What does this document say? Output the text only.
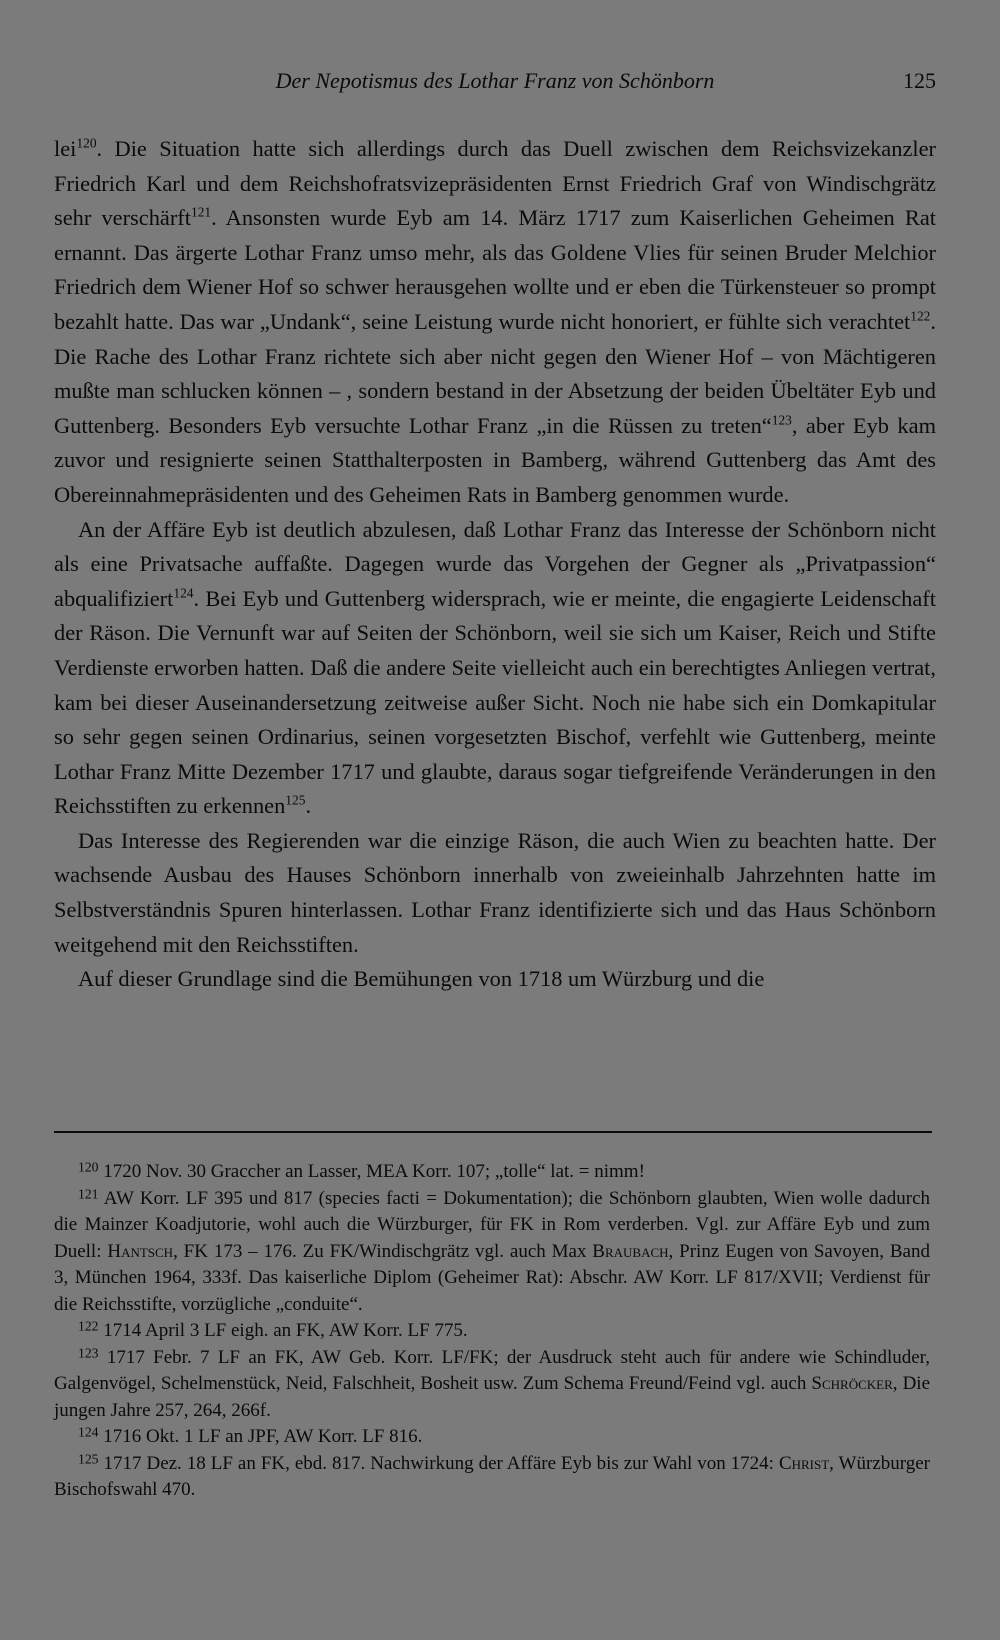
Der Nepotismus des Lothar Franz von Schönborn	125

lei$^{120}$. Die Situation hatte sich allerdings durch das Duell zwischen dem Reichsvizekanzler Friedrich Karl und dem Reichshofratsvizepräsidenten Ernst Friedrich Graf von Windischgrätz sehr verschärft$^{121}$. Ansonsten wurde Eyb am 14. März 1717 zum Kaiserlichen Geheimen Rat ernannt. Das ärgerte Lothar Franz umso mehr, als das Goldene Vlies für seinen Bruder Melchior Friedrich dem Wiener Hof so schwer herausgehen wollte und er eben die Türkensteuer so prompt bezahlt hatte. Das war „Undank“, seine Leistung wurde nicht honoriert, er fühlte sich verachtet$^{122}$. Die Rache des Lothar Franz richtete sich aber nicht gegen den Wiener Hof – von Mächtigeren mußte man schlucken können – , sondern bestand in der Absetzung der beiden Übeltäter Eyb und Guttenberg. Besonders Eyb versuchte Lothar Franz „in die Rüssen zu treten“$^{123}$, aber Eyb kam zuvor und resignierte seinen Statthalterposten in Bamberg, während Guttenberg das Amt des Obereinnahmepräsidenten und des Geheimen Rats in Bamberg genommen wurde.

An der Affäre Eyb ist deutlich abzulesen, daß Lothar Franz das Interesse der Schönborn nicht als eine Privatsache auffaßte. Dagegen wurde das Vorgehen der Gegner als „Privatpassion“ abqualifiziert$^{124}$. Bei Eyb und Guttenberg widersprach, wie er meinte, die engagierte Leidenschaft der Räson. Die Vernunft war auf Seiten der Schönborn, weil sie sich um Kaiser, Reich und Stifte Verdienste erworben hatten. Daß die andere Seite vielleicht auch ein berechtigtes Anliegen vertrat, kam bei dieser Auseinandersetzung zeitweise außer Sicht. Noch nie habe sich ein Domkapitular so sehr gegen seinen Ordinarius, seinen vorgesetzten Bischof, verfehlt wie Guttenberg, meinte Lothar Franz Mitte Dezember 1717 und glaubte, daraus sogar tiefgreifende Veränderungen in den Reichsstiften zu erkennen$^{125}$.

Das Interesse des Regierenden war die einzige Räson, die auch Wien zu beachten hatte. Der wachsende Ausbau des Hauses Schönborn innerhalb von zweieinhalb Jahrzehnten hatte im Selbstverständnis Spuren hinterlassen. Lothar Franz identifizierte sich und das Haus Schönborn weitgehend mit den Reichsstiften.

Auf dieser Grundlage sind die Bemühungen von 1718 um Würzburg und die

$^{120}$ 1720 Nov. 30 Graccher an Lasser, MEA Korr. 107; „tolle“ lat. = nimm!

$^{121}$ AW Korr. LF 395 und 817 (species facti = Dokumentation); die Schönborn glaubten, Wien wolle dadurch die Mainzer Koadjutorie, wohl auch die Würzburger, für FK in Rom verderben. Vgl. zur Affäre Eyb und zum Duell: Hantsch, FK 173 – 176. Zu FK/Windischgrätz vgl. auch Max Braubach, Prinz Eugen von Savoyen, Band 3, München 1964, 333f. Das kaiserliche Diplom (Geheimer Rat): Abschr. AW Korr. LF 817/XVII; Verdienst für die Reichsstifte, vorzügliche „conduite“.

$^{122}$ 1714 April 3 LF eigh. an FK, AW Korr. LF 775.

$^{123}$ 1717 Febr. 7 LF an FK, AW Geb. Korr. LF/FK; der Ausdruck steht auch für andere wie Schindluder, Galgenvögel, Schelmenstück, Neid, Falschheit, Bosheit usw. Zum Schema Freund/Feind vgl. auch Schröcker, Die jungen Jahre 257, 264, 266f.

$^{124}$ 1716 Okt. 1 LF an JPF, AW Korr. LF 816.

$^{125}$ 1717 Dez. 18 LF an FK, ebd. 817. Nachwirkung der Affäre Eyb bis zur Wahl von 1724: Christ, Würzburger Bischofswahl 470.
